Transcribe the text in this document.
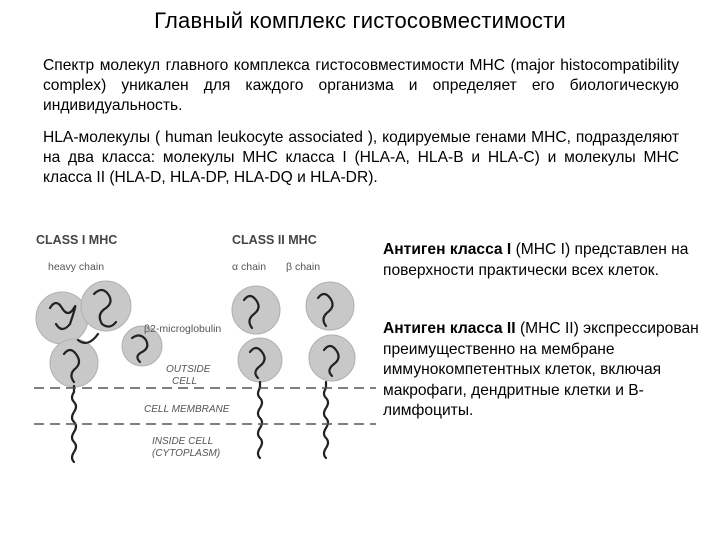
Главный комплекс гистосовместимости
Спектр молекул главного комплекса гистосовместимости MHC (major histocompatibility complex) уникален для каждого организма и определяет его биологическую индивидуальность.
HLA-молекулы ( human leukocyte associated ), кодируемые генами MHC, подразделяют на два класса: молекулы MHC класса I (HLA-A, HLA-B и HLA-C) и молекулы MHC класса II (HLA-D, HLA-DP, HLA-DQ и HLA-DR).
CLASS I MHC
heavy chain
CLASS II MHC
α chain β chain
β2-microglobulin
OUTSIDE
CELL
CELL MEMBRANE
INSIDE CELL
(CYTOPLASM)
Антиген класса I (MHC I) представлен на поверхности практически всех клеток.
Антиген класса II (MHC II) экспрессирован преимущественно на мембране иммунокомпетентных клеток, включая макрофаги, дендритные клетки и В-лимфоциты.
